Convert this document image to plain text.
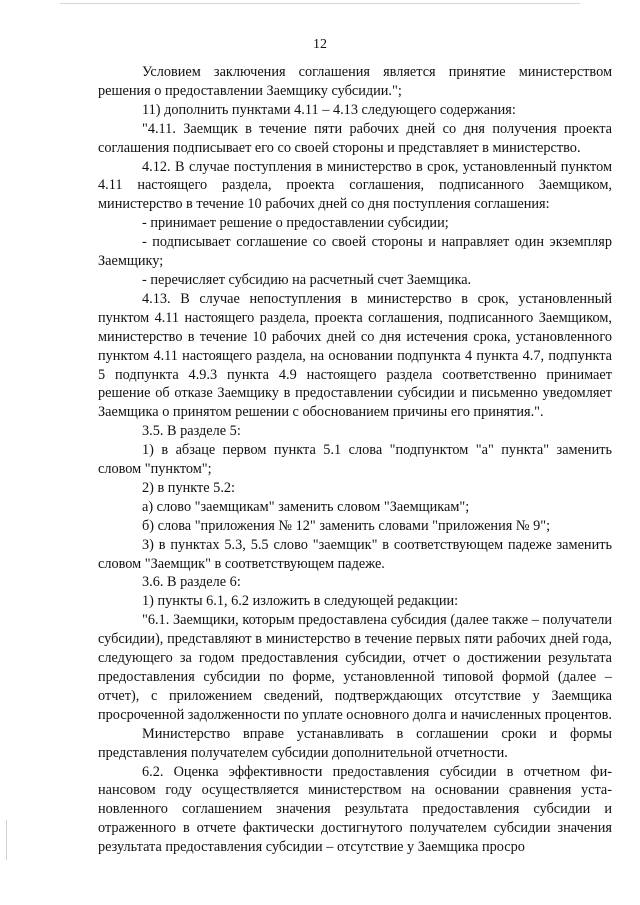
12

Условием заключения соглашения является принятие министерством решения о предоставлении Заемщику субсидии.";

11) дополнить пунктами 4.11 – 4.13 следующего содержания:

"4.11. Заемщик в течение пяти рабочих дней со дня получения проекта соглашения подписывает его со своей стороны и представляет в министерство.

4.12. В случае поступления в министерство в срок, установленный пунктом 4.11 настоящего раздела, проекта соглашения, подписанного Заемщиком, министерство в течение 10 рабочих дней со дня поступления соглашения:

- принимает решение о предоставлении субсидии;

- подписывает соглашение со своей стороны и направляет один экземпляр Заемщику;

- перечисляет субсидию на расчетный счет Заемщика.

4.13. В случае непоступления в министерство в срок, установленный пунктом 4.11 настоящего раздела, проекта соглашения, подписанного Заемщиком, министерство в течение 10 рабочих дней со дня истечения срока, установленного пунктом 4.11 настоящего раздела, на основании подпункта 4 пункта 4.7, подпункта 5 подпункта 4.9.3 пункта 4.9 настоящего раздела соответственно принимает решение об отказе Заемщику в предоставлении субсидии и письменно уведомляет Заемщика о принятом решении с обоснованием причины его принятия.".

3.5. В разделе 5:

1) в абзаце первом пункта 5.1 слова "подпунктом "а" пункта" заменить словом "пунктом";

2) в пункте 5.2:

а) слово "заемщикам" заменить словом "Заемщикам";

б) слова "приложения № 12" заменить словами "приложения № 9";

3) в пунктах 5.3, 5.5 слово "заемщик" в соответствующем падеже заменить словом "Заемщик" в соответствующем падеже.

3.6. В разделе 6:

1) пункты 6.1, 6.2 изложить в следующей редакции:

"6.1. Заемщики, которым предоставлена субсидия (далее также – получатели субсидии), представляют в министерство в течение первых пяти рабочих дней года, следующего за годом предоставления субсидии, отчет о достижении результата предоставления субсидии по форме, установленной типовой формой (далее – отчет), с приложением сведений, подтверждающих отсутствие у Заемщика просроченной задолженности по уплате основного долга и начисленных процентов.

Министерство вправе устанавливать в соглашении сроки и формы представления получателем субсидии дополнительной отчетности.

6.2. Оценка эффективности предоставления субсидии в отчетном финансовом году осуществляется министерством на основании сравнения установленного соглашением значения результата предоставления субсидии и отраженного в отчете фактически достигнутого получателем субсидии значения результата предоставления субсидии – отсутствие у Заемщика просро
